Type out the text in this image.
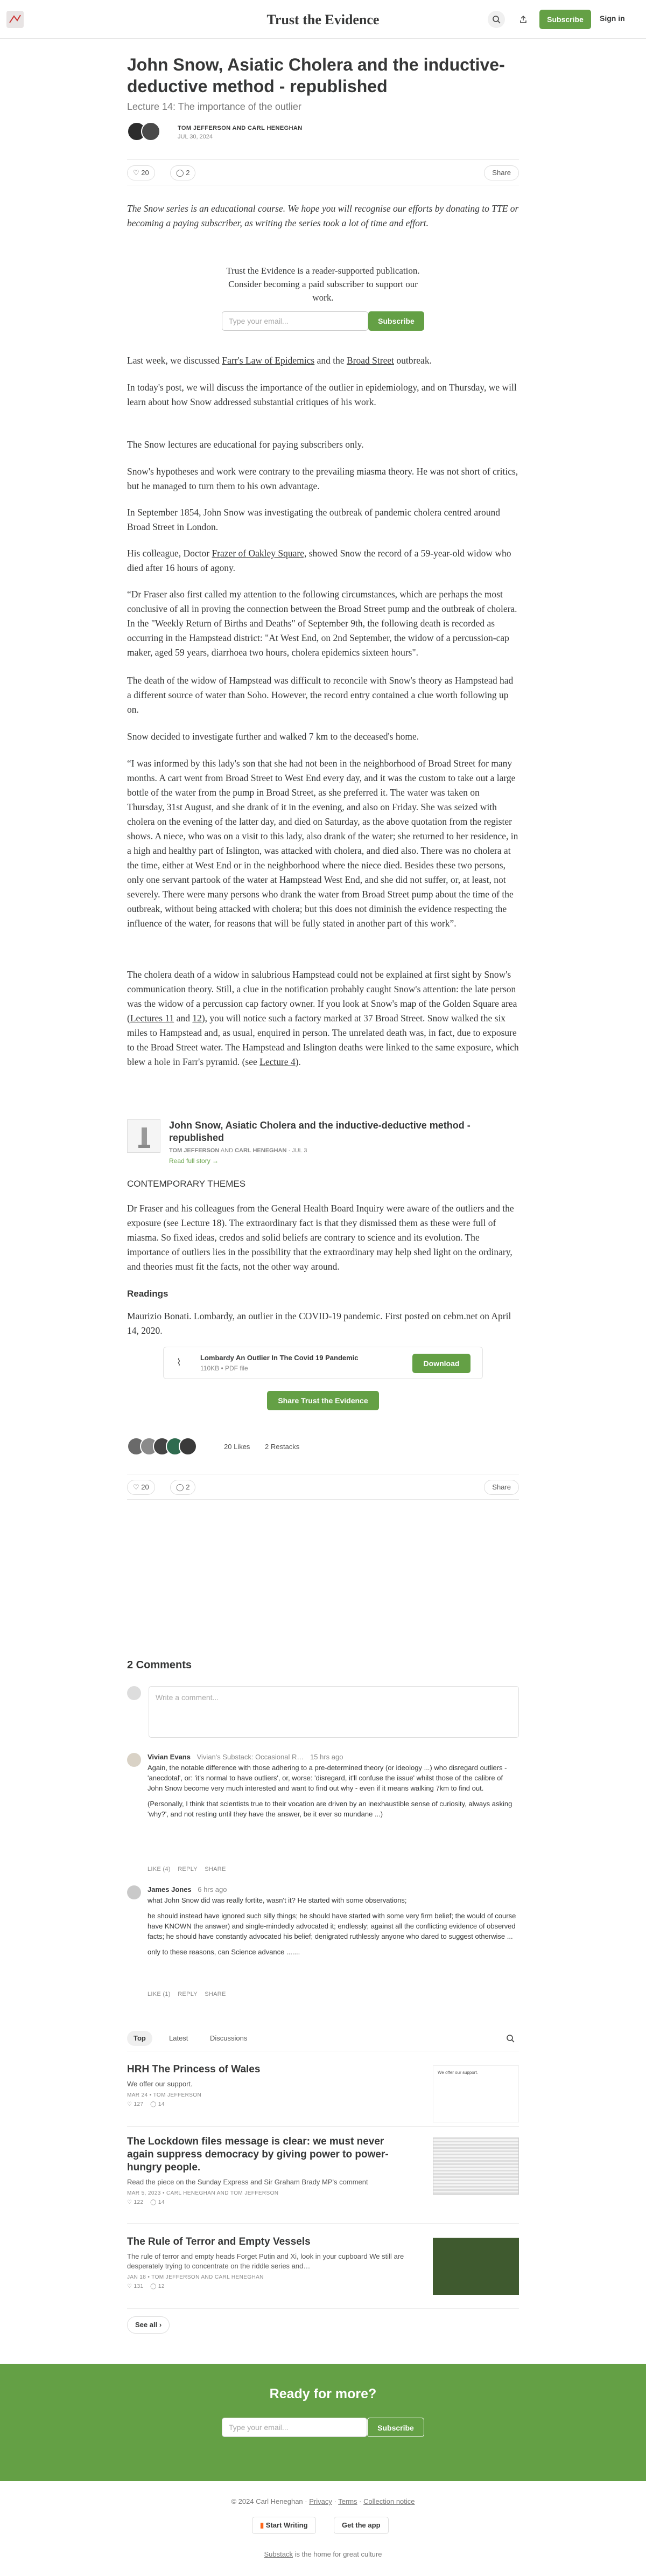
Trust the Evidence	Subscribe	Sign in
John Snow, Asiatic Cholera and the inductive-deductive method - republished
Lecture 14: The importance of the outlier
TOM JEFFERSON AND CARL HENEGHAN
JUL 30, 2024
♡ 20	◯ 2	Share
The Snow series is an educational course. We hope you will recognise our efforts by donating to TTE or becoming a paying subscriber, as writing the series took a lot of time and effort.
Trust the Evidence is a reader-supported publication. Consider becoming a paid subscriber to support our work.
Type your email...	Subscribe
Last week, we discussed Farr's Law of Epidemics and the Broad Street outbreak.
In today's post, we will discuss the importance of the outlier in epidemiology, and on Thursday, we will learn about how Snow addressed substantial critiques of his work.
The Snow lectures are educational for paying subscribers only.
Snow's hypotheses and work were contrary to the prevailing miasma theory. He was not short of critics, but he managed to turn them to his own advantage.
In September 1854, John Snow was investigating the outbreak of pandemic cholera centred around Broad Street in London.
His colleague, Doctor Frazer of Oakley Square, showed Snow the record of a 59-year-old widow who died after 16 hours of agony.
“Dr Fraser also first called my attention to the following circumstances, which are perhaps the most conclusive of all in proving the connection between the Broad Street pump and the outbreak of cholera. In the "Weekly Return of Births and Deaths" of September 9th, the following death is recorded as occurring in the Hampstead district: "At West End, on 2nd September, the widow of a percussion-cap maker, aged 59 years, diarrhoea two hours, cholera epidemics sixteen hours".
The death of the widow of Hampstead was difficult to reconcile with Snow's theory as Hampstead had a different source of water than Soho. However, the record entry contained a clue worth following up on.
Snow decided to investigate further and walked 7 km to the deceased's home.
“I was informed by this lady's son that she had not been in the neighborhood of Broad Street for many months. A cart went from Broad Street to West End every day, and it was the custom to take out a large bottle of the water from the pump in Broad Street, as she preferred it. The water was taken on Thursday, 31st August, and she drank of it in the evening, and also on Friday. She was seized with cholera on the evening of the latter day, and died on Saturday, as the above quotation from the register shows. A niece, who was on a visit to this lady, also drank of the water; she returned to her residence, in a high and healthy part of Islington, was attacked with cholera, and died also. There was no cholera at the time, either at West End or in the neighborhood where the niece died. Besides these two persons, only one servant partook of the water at Hampstead West End, and she did not suffer, or, at least, not severely. There were many persons who drank the water from Broad Street pump about the time of the outbreak, without being attacked with cholera; but this does not diminish the evidence respecting the influence of the water, for reasons that will be fully stated in another part of this work”.
The cholera death of a widow in salubrious Hampstead could not be explained at first sight by Snow's communication theory. Still, a clue in the notification probably caught Snow's attention: the late person was the widow of a percussion cap factory owner. If you look at Snow's map of the Golden Square area (Lectures 11 and 12), you will notice such a factory marked at 37 Broad Street. Snow walked the six miles to Hampstead and, as usual, enquired in person. The unrelated death was, in fact, due to exposure to the Broad Street water. The Hampstead and Islington deaths were linked to the same exposure, which blew a hole in Farr's pyramid. (see Lecture 4).
John Snow, Asiatic Cholera and the inductive-deductive method - republished
TOM JEFFERSON AND CARL HENEGHAN · JUL 3
Read full story →
CONTEMPORARY THEMES
Dr Fraser and his colleagues from the General Health Board Inquiry were aware of the outliers and the exposure (see Lecture 18). The extraordinary fact is that they dismissed them as these were full of miasma. So fixed ideas, credos and solid beliefs are contrary to science and its evolution. The importance of outliers lies in the possibility that the extraordinary may help shed light on the ordinary, and theories must fit the facts, not the other way around.
Readings
Maurizio Bonati. Lombardy, an outlier in the COVID-19 pandemic. First posted on cebm.net on April 14, 2020.
⌇	Lombardy An Outlier In The Covid 19 Pandemic
110KB • PDF file
Download
Share Trust the Evidence
20 Likes 2 Restacks
♡ 20	◯ 2	Share
2 Comments
Write a comment...
Vivian Evans Vivian's Substack: Occasional R… 15 hrs ago
Again, the notable difference with those adhering to a pre-determined theory (or ideology ...) who disregard outliers -'anecdotal', or: 'it's normal to have outliers', or, worse: 'disregard, it'll confuse the issue' whilst those of the calibre of John Snow become very much interested and want to find out why - even if it means walking 7km to find out.
(Personally, I think that scientists true to their vocation are driven by an inexhaustible sense of curiosity, always asking 'why?', and not resting until they have the answer, be it ever so mundane ...)
LIKE (4) REPLY SHARE
James Jones 6 hrs ago
what John Snow did was really fortite, wasn't it? He started with some observations;
he should instead have ignored such silly things; he should have started with some very firm belief; the would of course have KNOWN the answer) and single-mindedly advocated it; endlessly; against all the conflicting evidence of observed facts; he should have constantly advocated his belief; denigrated ruthlessly anyone who dared to suggest otherwise ...
only to these reasons, can Science advance .......
LIKE (1) REPLY SHARE
Top	Latest	Discussions
HRH The Princess of Wales
We offer our support.
MAR 24 • TOM JEFFERSON
♡ 127    ◯ 14
We offer our support.
The Lockdown files message is clear: we must never again suppress democracy by giving power to power-hungry people.
Read the piece on the Sunday Express and Sir Graham Brady MP's comment
MAR 5, 2023 • CARL HENEGHAN AND TOM JEFFERSON
♡ 122    ◯ 14
The Rule of Terror and Empty Vessels
The rule of terror and empty heads Forget Putin and Xi, look in your cupboard We still are desperately trying to concentrate on the riddle series and…
JAN 18 • TOM JEFFERSON AND CARL HENEGHAN
♡ 131    ◯ 12
See all ›
Ready for more?
Type your email...	Subscribe
© 2024 Carl Heneghan · Privacy · Terms · Collection notice
▮ Start Writing	Get the app
Substack is the home for great culture
